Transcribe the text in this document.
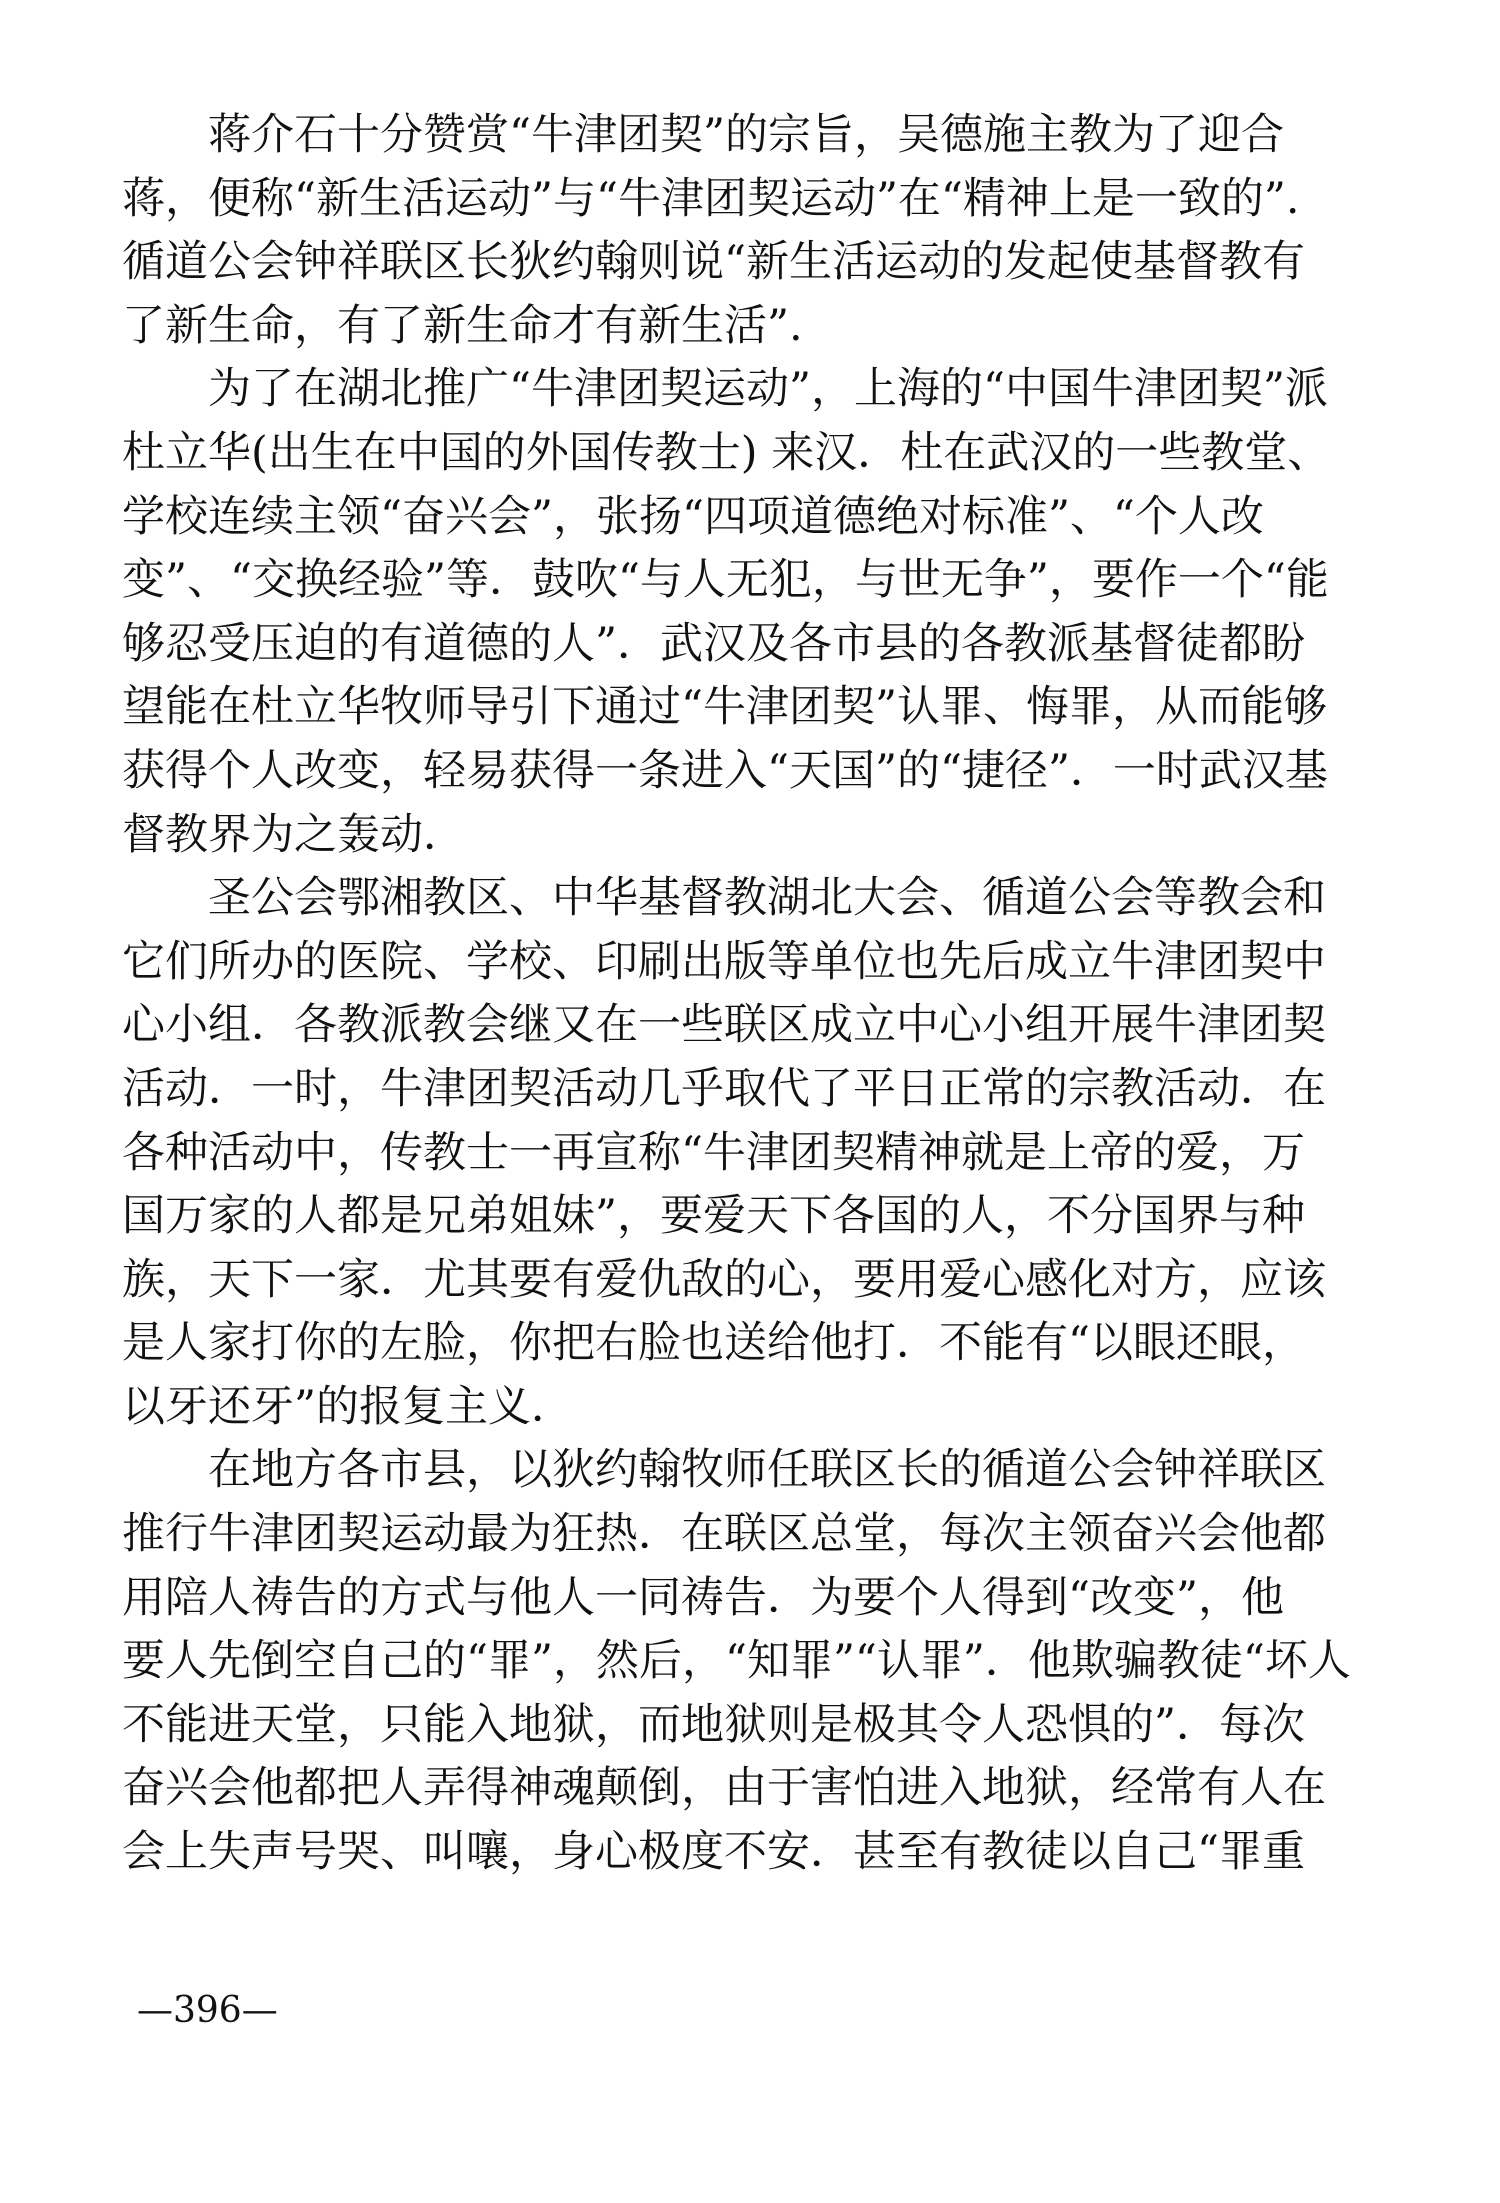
蒋介石十分赞赏“牛津团契”的宗旨，吴德施主教为了迎合
蒋，便称“新生活运动”与“牛津团契运动”在“精神上是一致的”.
循道公会钟祥联区长狄约翰则说“新生活运动的发起使基督教有
了新生命，有了新生命才有新生活”.
为了在湖北推广“牛津团契运动”，上海的“中国牛津团契”派
杜立华(出生在中国的外国传教士) 来汉．杜在武汉的一些教堂、
学校连续主领“奋兴会”，张扬“四项道德绝对标准”、“个人改
变”、“交换经验”等．鼓吹“与人无犯，与世无争”，要作一个“能
够忍受压迫的有道德的人”．武汉及各市县的各教派基督徒都盼
望能在杜立华牧师导引下通过“牛津团契”认罪、悔罪，从而能够
获得个人改变，轻易获得一条进入“天国”的“捷径”．一时武汉基
督教界为之轰动．
圣公会鄂湘教区、中华基督教湖北大会、循道公会等教会和
它们所办的医院、学校、印刷出版等单位也先后成立牛津团契中
心小组．各教派教会继又在一些联区成立中心小组开展牛津团契
活动．一时，牛津团契活动几乎取代了平日正常的宗教活动．在
各种活动中，传教士一再宣称“牛津团契精神就是上帝的爱，万
国万家的人都是兄弟姐妹”，要爱天下各国的人，不分国界与种
族，天下一家．尤其要有爱仇敌的心，要用爱心感化对方，应该
是人家打你的左脸，你把右脸也送给他打．不能有“以眼还眼，
以牙还牙”的报复主义．
在地方各市县，以狄约翰牧师任联区长的循道公会钟祥联区
推行牛津团契运动最为狂热．在联区总堂，每次主领奋兴会他都
用陪人祷告的方式与他人一同祷告．为要个人得到“改变”，他
要人先倒空自己的“罪”，然后，“知罪”“认罪”．他欺骗教徒“坏人
不能进天堂，只能入地狱，而地狱则是极其令人恐惧的”．每次
奋兴会他都把人弄得神魂颠倒，由于害怕进入地狱，经常有人在
会上失声号哭、叫嚷，身心极度不安．甚至有教徒以自己“罪重
—396—
